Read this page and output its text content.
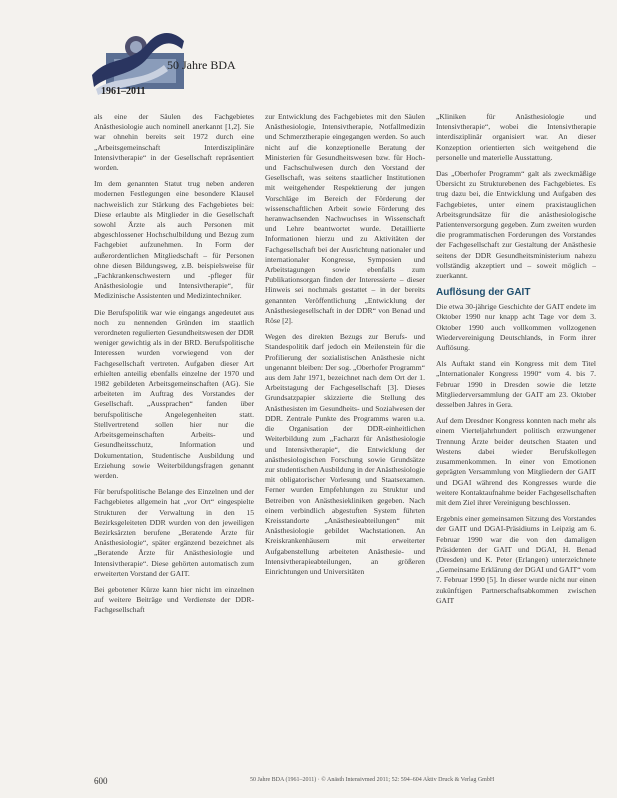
1961–2011
50 Jahre BDA

als eine der Säulen des Fachgebietes Anästhesiologie auch nominell anerkannt [1,2]. Sie war ohnehin bereits seit 1972 durch eine „Arbeitsgemeinschaft Interdisziplinäre Intensivtherapie“ in der Gesellschaft repräsentiert worden.

Im dem genannten Statut trug neben anderen modernen Festlegungen eine besondere Klausel nachweislich zur Stärkung des Fachgebietes bei: Diese erlaubte als Mitglieder in die Gesellschaft sowohl Ärzte als auch Personen mit abgeschlossener Hochschulbildung und Bezug zum Fachgebiet aufzunehmen. In Form der außerordentlichen Mitgliedschaft – für Personen ohne diesen Bildungsweg, z.B. beispielsweise für „Fachkrankenschwestern und -pfleger für Anästhesiologie und Intensivtherapie“, für Medizinische Assistenten und Medizintechniker.

Die Berufspolitik war wie eingangs angedeutet aus noch zu nennenden Gründen im staatlich verordneten regulierten Gesundheitswesen der DDR weniger gewichtig als in der BRD. Berufspolitische Interessen wurden vorwiegend von der Fachgesellschaft vertreten. Aufgaben dieser Art erhielten anteilig ebenfalls einzelne der 1970 und 1982 gebildeten Arbeitsgemeinschaften (AG). Sie arbeiteten im Auftrag des Vorstandes der Gesellschaft. „Aussprachen“ fanden über berufspolitische Angelegenheiten statt. Stellvertretend sollen hier nur die Arbeitsgemeinschaften Arbeits- und Gesundheitsschutz, Information und Dokumentation, Studentische Ausbildung und Erziehung sowie Weiterbildungsfragen genannt werden.

Für berufspolitische Belange des Einzelnen und der Fachgebietes allgemein hat „vor Ort“ eingespielte Strukturen der Verwaltung in den 15 Bezirksgeleiteten DDR wurden von den jeweiligen Bezirksärzten berufene „Beratende Ärzte für Anästhesiologie“, später ergänzend bezeichnet als „Beratende Ärzte für Anästhesiologie und Intensivtherapie“. Diese gehörten automatisch zum erweiterten Vorstand der GAIT.

Bei gebotener Kürze kann hier nicht im einzelnen auf weitere Beiträge und Verdienste der DDR-Fachgesellschaft

zur Entwicklung des Fachgebietes mit den Säulen Anästhesiologie, Intensivtherapie, Notfallmedizin und Schmerztherapie eingegangen werden. So auch nicht auf die konzeptionelle Beratung der Ministerien für Gesundheitswesen bzw. für Hoch- und Fachschulwesen durch den Vorstand der Gesellschaft, was seitens staatlicher Institutionen mit weitgehender Respektierung der jungen Vorschläge im Bereich der Förderung der wissenschaftlichen Arbeit sowie Förderung des heranwachsenden Nachwuchses in Wissenschaft und Lehre beantwortet wurde. Detaillierte Informationen hierzu und zu Aktivitäten der Fachgesellschaft bei der Ausrichtung nationaler und internationaler Kongresse, Symposien und Arbeitstagungen sowie ebenfalls zum Publikationsorgan finden der Interessierte – dieser Hinweis sei nochmals gestattet – in der bereits genannten Veröffentlichung „Entwicklung der Anästhesiegesellschaft in der DDR“ von Benad und Röse [2].

Wegen des direkten Bezugs zur Berufs- und Standespolitik darf jedoch ein Meilenstein für die Profilierung der sozialistischen Anästhesie nicht ungenannt bleiben: Der sog. „Oberhofer Programm“ aus dem Jahr 1971, bezeichnet nach dem Ort der 1. Arbeitstagung der Fachgesellschaft [3]. Dieses Grundsatzpapier skizzierte die Stellung des Anästhesisten im Gesundheits- und Sozialwesen der DDR. Zentrale Punkte des Programms waren u.a. die Organisation der DDR-einheitlichen Weiterbildung zum „Facharzt für Anästhesiologie und Intensivtherapie“, die Entwicklung der anästhesiologischen Forschung sowie Grundsätze zur studentischen Ausbildung in der Anästhesiologie mit obligatorischer Vorlesung und Staatsexamen. Ferner wurden Empfehlungen zu Struktur und Betreiben von Anästhesiekliniken gegeben. Nach einem verbindlich abgestuften System führten Kreisstandorte „Anästhesieabteilungen“ mit Anästhesiologie gebildet Wachstationen. An Kreiskrankenhäusern mit erweiterter Aufgabenstellung arbeiteten Anästhesie- und Intensivtherapieabteilungen, an größeren Einrichtungen und Universitäten

„Kliniken für Anästhesiologie und Intensivtherapie“, wobei die Intensivtherapie interdisziplinär organisiert war. An dieser Konzeption orientierten sich weitgehend die personelle und materielle Ausstattung.

Das „Oberhofer Programm“ galt als zweckmäßige Übersicht zu Strukturebenen des Fachgebietes. Es trug dazu bei, die Entwicklung und Aufgaben des Fachgebietes, unter einem praxistauglichen Arbeitsgrundsätze für die anästhesiologische Patientenversorgung gegeben. Zum zweiten wurden die programmatischen Forderungen des Vorstandes der Fachgesellschaft zur Gestaltung der Anästhesie seitens der DDR Gesundheitsministerium nahezu vollständig akzeptiert und – soweit möglich – zuerkannt.

Auflösung der GAIT

Die etwa 30-jährige Geschichte der GAIT endete im Oktober 1990 nur knapp acht Tage vor dem 3. Oktober 1990 auch vollkommen vollzogenen Wiedervereinigung Deutschlands, in Form ihrer Auflösung.

Als Auftakt stand ein Kongress mit dem Titel „Internationaler Kongress 1990“ vom 4. bis 7. Februar 1990 in Dresden sowie die letzte Mitgliederversammlung der GAIT am 23. Oktober desselben Jahres in Gera.

Auf dem Dresdner Kongress konnten nach mehr als einem Vierteljahrhundert politisch erzwungener Trennung Ärzte beider deutschen Staaten und Westens dabei wieder Berufskollegen zusammenkommen. In einer von Emotionen geprägten Versammlung von Mitgliedern der GAIT und DGAI während des Kongresses wurde die weitere Kontaktaufnahme beider Fachgesellschaften mit dem Ziel ihrer Vereinigung beschlossen.

Ergebnis einer gemeinsamen Sitzung des Vorstandes der GAIT und DGAI-Präsidiums in Leipzig am 6. Februar 1990 war die von den damaligen Präsidenten der GAIT und DGAI, H. Benad (Dresden) und K. Peter (Erlangen) unterzeichnete „Gemeinsame Erklärung der DGAI und GAIT“ vom 7. Februar 1990 [5]. In dieser wurde nicht nur einen zukünftigen Partnerschaftsabkommen zwischen GAIT

600	50 Jahre BDA (1961–2011) · © Anästh Intensivmed 2011; 52: 594–604 Aktiv Druck & Verlag GmbH
